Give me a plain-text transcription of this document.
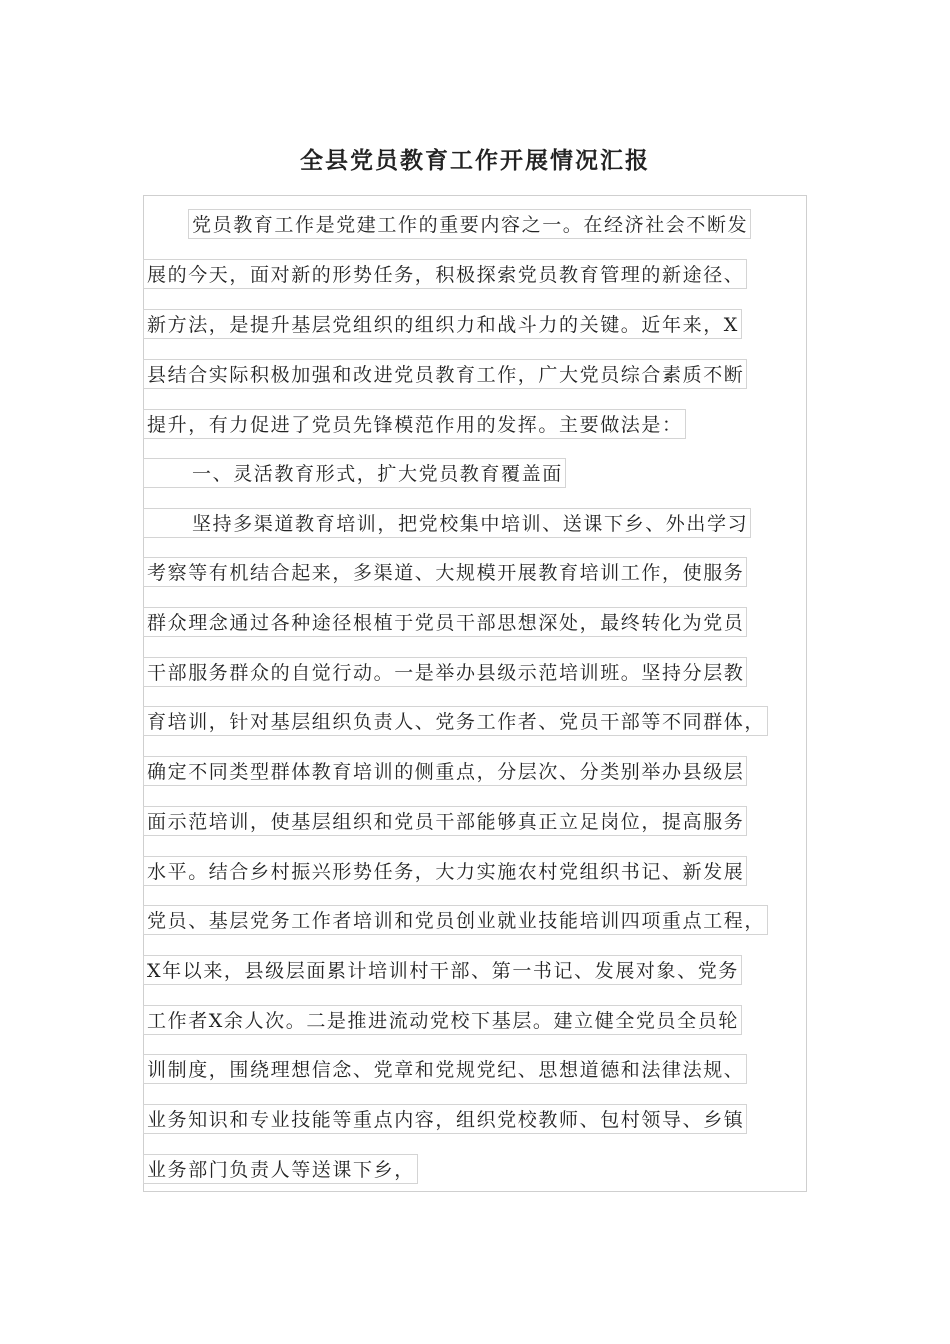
全县党员教育工作开展情况汇报
党员教育工作是党建工作的重要内容之一。在经济社会不断发
展的今天，面对新的形势任务，积极探索党员教育管理的新途径、
新方法，是提升基层党组织的组织力和战斗力的关键。近年来，X
县结合实际积极加强和改进党员教育工作，广大党员综合素质不断
提升，有力促进了党员先锋模范作用的发挥。主要做法是：
一、灵活教育形式，扩大党员教育覆盖面
坚持多渠道教育培训，把党校集中培训、送课下乡、外出学习
考察等有机结合起来，多渠道、大规模开展教育培训工作，使服务
群众理念通过各种途径根植于党员干部思想深处，最终转化为党员
干部服务群众的自觉行动。一是举办县级示范培训班。坚持分层教
育培训，针对基层组织负责人、党务工作者、党员干部等不同群体，
确定不同类型群体教育培训的侧重点，分层次、分类别举办县级层
面示范培训，使基层组织和党员干部能够真正立足岗位，提高服务
水平。结合乡村振兴形势任务，大力实施农村党组织书记、新发展
党员、基层党务工作者培训和党员创业就业技能培训四项重点工程，
X年以来，县级层面累计培训村干部、第一书记、发展对象、党务
工作者X余人次。二是推进流动党校下基层。建立健全党员全员轮
训制度，围绕理想信念、党章和党规党纪、思想道德和法律法规、
业务知识和专业技能等重点内容，组织党校教师、包村领导、乡镇
业务部门负责人等送课下乡，
